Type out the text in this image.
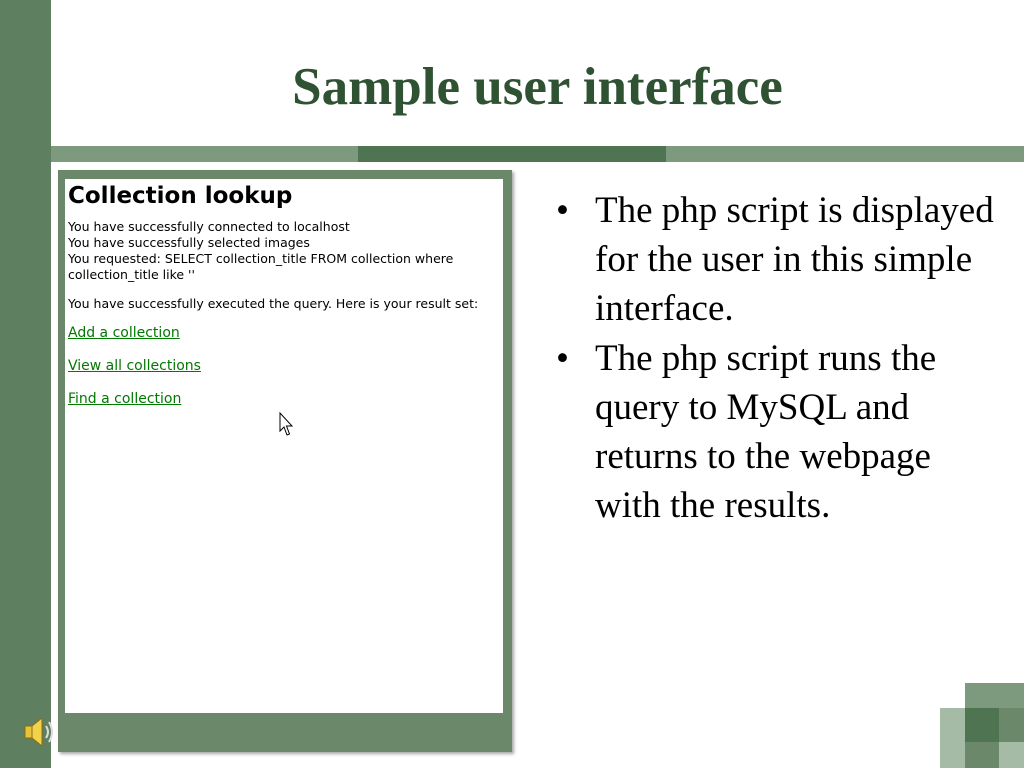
Sample user interface
Collection lookup

You have successfully connected to localhost

You have successfully selected images

You requested: SELECT collection_title FROM collection where collection_title like ''

You have successfully executed the query. Here is your result set:

Add a collection
View all collections
Find a collection
• The php script is displayed for the user in this simple interface.
• The php script runs the query to MySQL and returns to the webpage with the results.
